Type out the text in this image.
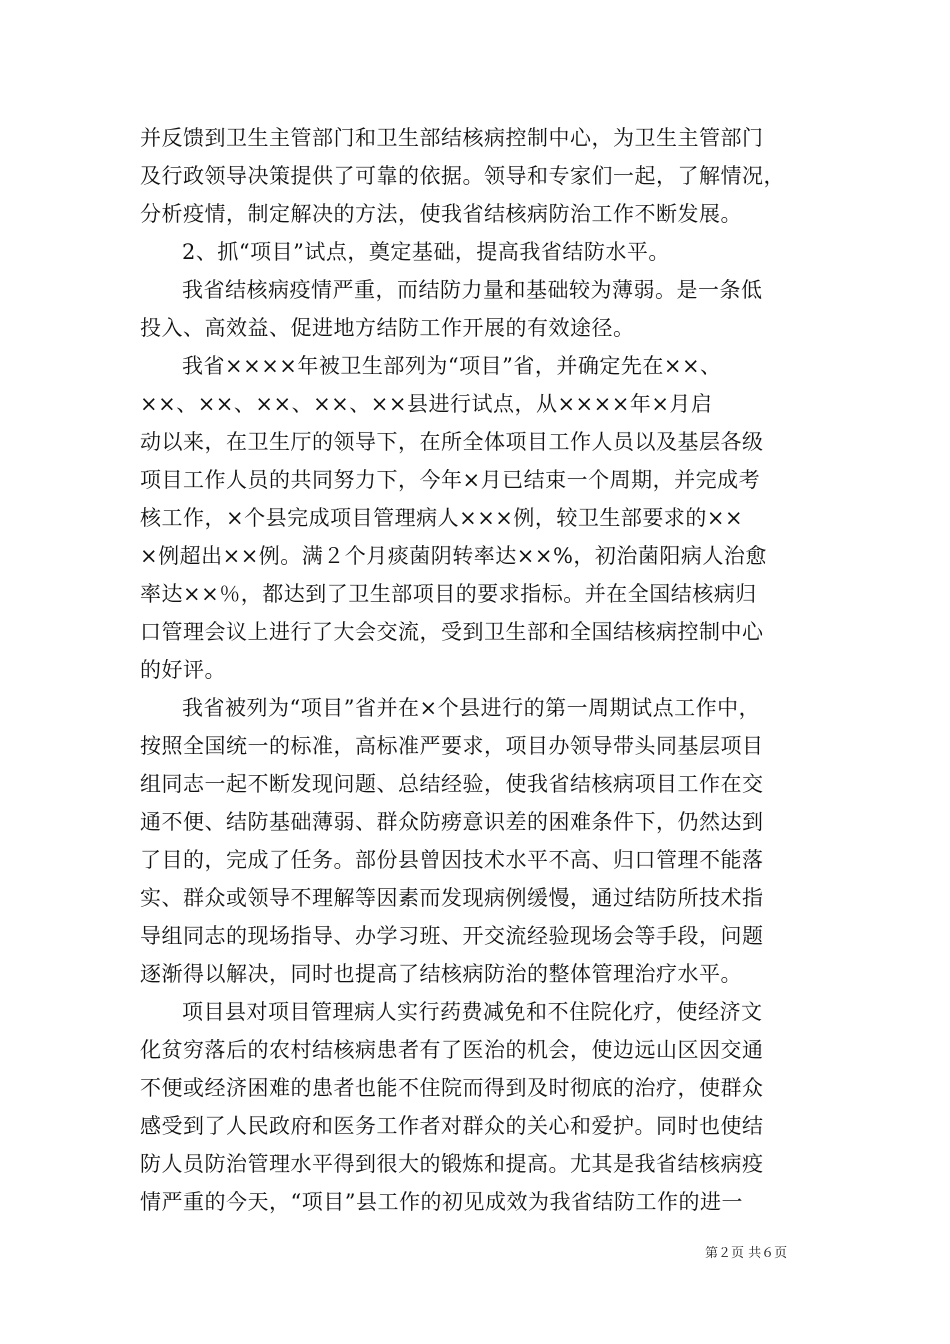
并反馈到卫生主管部门和卫生部结核病控制中心，为卫生主管部门
及行政领导决策提供了可靠的依据。领导和专家们一起，了解情况，
分析疫情，制定解决的方法，使我省结核病防治工作不断发展。
2、抓“项目”试点，奠定基础，提高我省结防水平。
我省结核病疫情严重，而结防力量和基础较为薄弱。是一条低
投入、高效益、促进地方结防工作开展的有效途径。
我省××××年被卫生部列为“项目”省，并确定先在××、
××、××、××、××、××县进行试点，从××××年×月启
动以来，在卫生厅的领导下，在所全体项目工作人员以及基层各级
项目工作人员的共同努力下，今年×月已结束一个周期，并完成考
核工作，×个县完成项目管理病人×××例，较卫生部要求的××
×例超出××例。满２个月痰菌阴转率达××%，初治菌阳病人治愈
率达××％，都达到了卫生部项目的要求指标。并在全国结核病归
口管理会议上进行了大会交流，受到卫生部和全国结核病控制中心
的好评。
我省被列为“项目”省并在×个县进行的第一周期试点工作中，
按照全国统一的标准，高标准严要求，项目办领导带头同基层项目
组同志一起不断发现问题、总结经验，使我省结核病项目工作在交
通不便、结防基础薄弱、群众防痨意识差的困难条件下，仍然达到
了目的，完成了任务。部份县曾因技术水平不高、归口管理不能落
实、群众或领导不理解等因素而发现病例缓慢，通过结防所技术指
导组同志的现场指导、办学习班、开交流经验现场会等手段，问题
逐渐得以解决，同时也提高了结核病防治的整体管理治疗水平。
项目县对项目管理病人实行药费减免和不住院化疗，使经济文
化贫穷落后的农村结核病患者有了医治的机会，使边远山区因交通
不便或经济困难的患者也能不住院而得到及时彻底的治疗，使群众
感受到了人民政府和医务工作者对群众的关心和爱护。同时也使结
防人员防治管理水平得到很大的锻炼和提高。尤其是我省结核病疫
情严重的今天，“项目”县工作的初见成效为我省结防工作的进一
第２页 共６页
